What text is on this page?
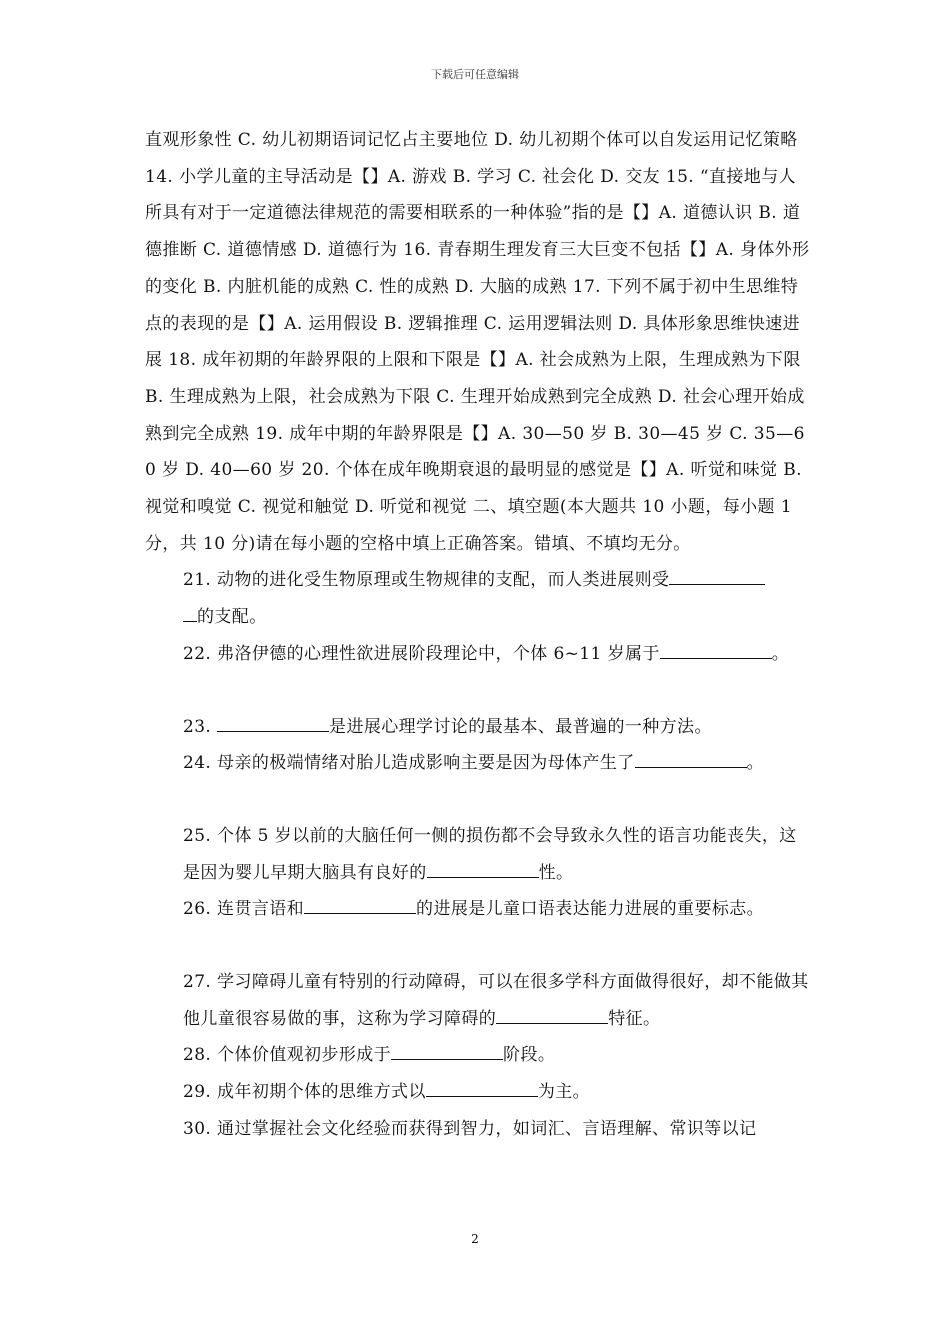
下载后可任意编辑

直观形象性 C. 幼儿初期语词记忆占主要地位 D. 幼儿初期个体可以自发运用记忆策略 14. 小学儿童的主导活动是【】A. 游戏 B. 学习 C. 社会化 D. 交友 15. “直接地与人所具有对于一定道德法律规范的需要相联系的一种体验”指的是【】A. 道德认识 B. 道德推断 C. 道德情感 D. 道德行为 16. 青春期生理发育三大巨变不包括【】A. 身体外形的变化 B. 内脏机能的成熟 C. 性的成熟 D. 大脑的成熟 17. 下列不属于初中生思维特点的表现的是【】A. 运用假设 B. 逻辑推理 C. 运用逻辑法则 D. 具体形象思维快速进展 18. 成年初期的年龄界限的上限和下限是【】A. 社会成熟为上限，生理成熟为下限 B. 生理成熟为上限，社会成熟为下限 C. 生理开始成熟到完全成熟 D. 社会心理开始成熟到完全成熟 19. 成年中期的年龄界限是【】A. 30—50 岁 B. 30—45 岁 C. 35—60 岁 D. 40—60 岁 20. 个体在成年晚期衰退的最明显的感觉是【】A. 听觉和味觉 B. 视觉和嗅觉 C. 视觉和触觉 D. 听觉和视觉 二、填空题(本大题共 10 小题，每小题 1 分，共 10 分)请在每小题的空格中填上正确答案。错填、不填均无分。

21. 动物的进化受生物原理或生物规律的支配，而人类进展则受
的支配。

22. 弗洛伊德的心理性欲进展阶段理论中，个体 6~11 岁属于	。

23.	是进展心理学讨论的最基本、最普遍的一种方法。

24. 母亲的极端情绪对胎儿造成影响主要是因为母体产生了	。

25. 个体 5 岁以前的大脑任何一侧的损伤都不会导致永久性的语言功能丧失，这是因为婴儿早期大脑具有良好的	性。

26. 连贯言语和	的进展是儿童口语表达能力进展的重要标志。

27. 学习障碍儿童有特别的行动障碍，可以在很多学科方面做得很好，却不能做其他儿童很容易做的事，这称为学习障碍的	特征。

28. 个体价值观初步形成于	阶段。

29. 成年初期个体的思维方式以	为主。

30. 通过掌握社会文化经验而获得到智力，如词汇、言语理解、常识等以记

2
